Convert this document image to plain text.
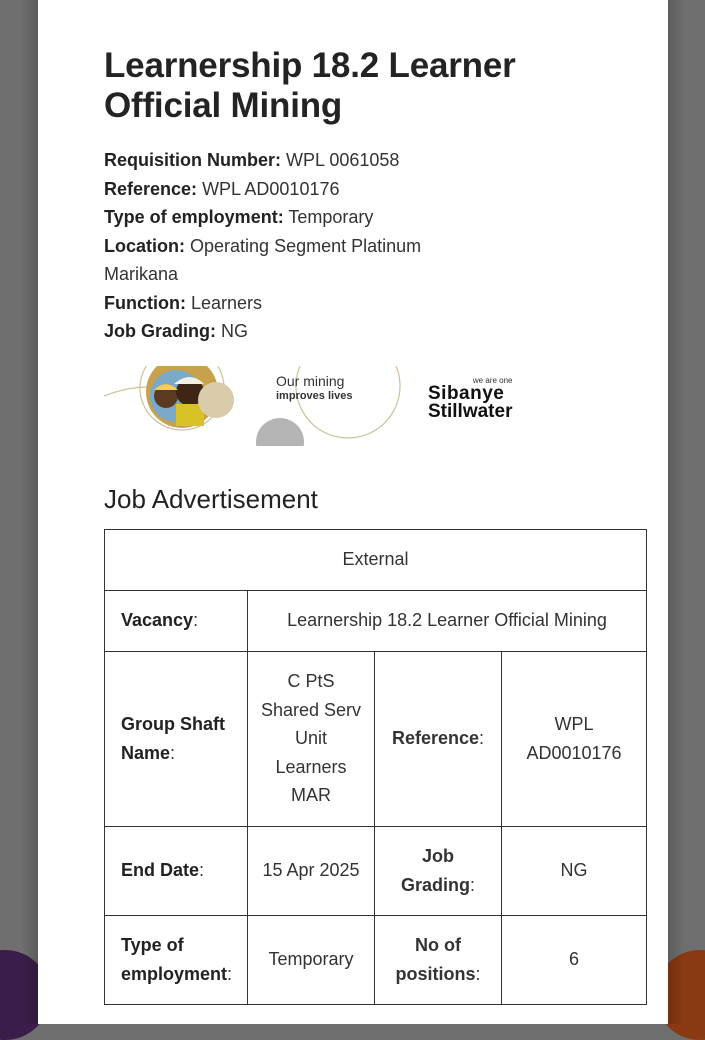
Learnership 18.2 Learner Official Mining

Requisition Number: WPL 0061058

Reference: WPL AD0010176

Type of employment: Temporary

Location: Operating Segment Platinum Marikana

Function: Learners

Job Grading: NG

Our mining
improves lives
we are one
Sibanye
Stillwater
Job Advertisement
External			
Vacancy:	Learnership 18.2 Learner Official Mining		
Group Shaft Name:	C PtS Shared Serv Unit Learners MAR	Reference:	WPL AD0010176
End Date:	15 Apr 2025	Job Grading:	NG
Type of employment:	Temporary	No of positions:	6
